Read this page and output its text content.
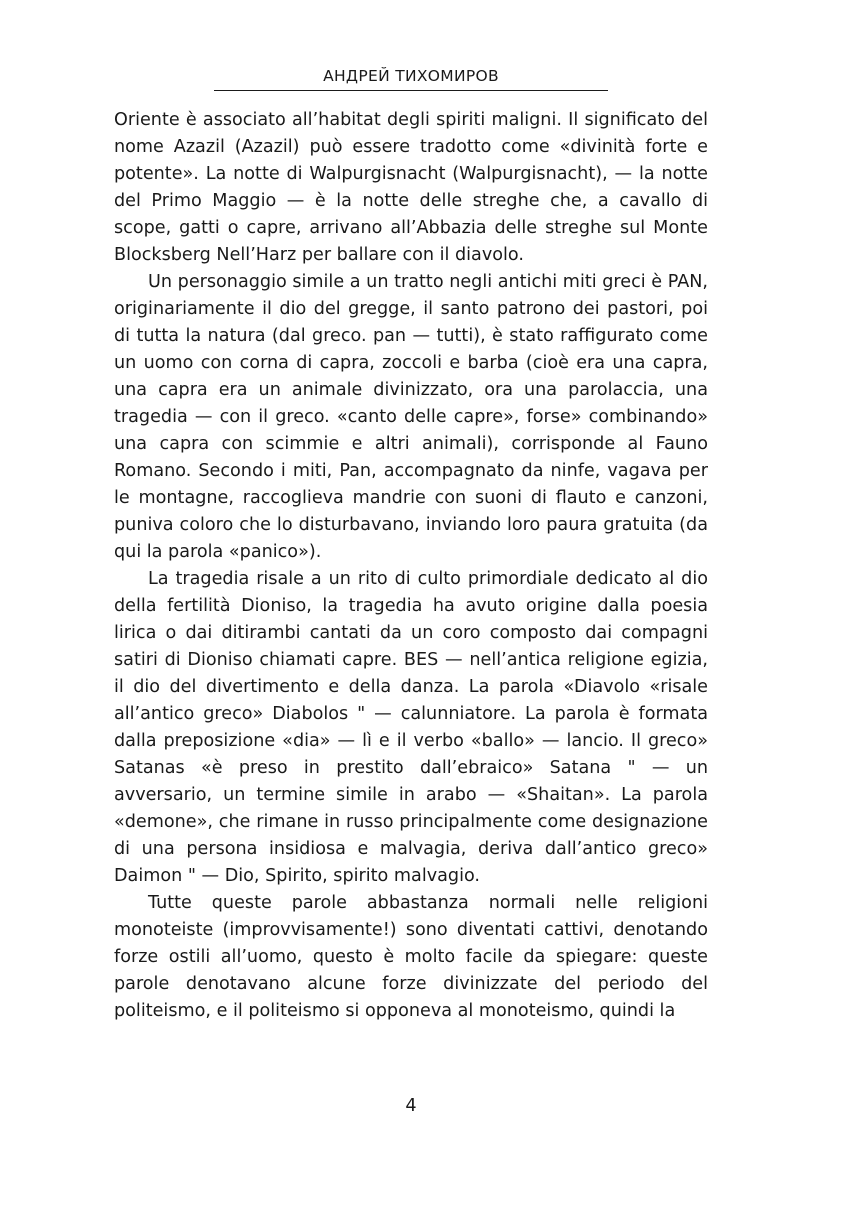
АНДРЕЙ ТИХОМИРОВ

Oriente è associato all’habitat degli spiriti maligni. Il significato del nome Azazil (Azazil) può essere tradotto come «divinità forte e potente». La notte di Walpurgisnacht (Walpurgisnacht), — la notte del Primo Maggio — è la notte delle streghe che, a cavallo di scope, gatti o capre, arrivano all’Abbazia delle streghe sul Monte Blocksberg Nell’Harz per ballare con il diavolo.

Un personaggio simile a un tratto negli antichi miti greci è PAN, originariamente il dio del gregge, il santo patrono dei pastori, poi di tutta la natura (dal greco. pan — tutti), è stato raffigurato come un uomo con corna di capra, zoccoli e barba (cioè era una capra, una capra era un animale divinizzato, ora una parolaccia, una tragedia — con il greco. «canto delle capre», forse» combinando» una capra con scimmie e altri animali), corrisponde al Fauno Romano. Secondo i miti, Pan, accompagnato da ninfe, vagava per le montagne, raccoglieva mandrie con suoni di flauto e canzoni, puniva coloro che lo disturbavano, inviando loro paura gratuita (da qui la parola «panico»).

La tragedia risale a un rito di culto primordiale dedicato al dio della fertilità Dioniso, la tragedia ha avuto origine dalla poesia lirica o dai ditirambi cantati da un coro composto dai compagni satiri di Dioniso chiamati capre. BES — nell’antica religione egizia, il dio del divertimento e della danza. La parola «Diavolo «risale all’antico greco» Diabolos " — calunniatore. La parola è formata dalla preposizione «dia» — lì e il verbo «ballo» — lancio. Il greco» Satanas «è preso in prestito dall’ebraico» Satana " — un avversario, un termine simile in arabo — «Shaitan». La parola «demone», che rimane in russo principalmente come designazione di una persona insidiosa e malvagia, deriva dall’antico greco» Daimon " — Dio, Spirito, spirito malvagio.

Tutte queste parole abbastanza normali nelle religioni monoteiste (improvvisamente!) sono diventati cattivi, denotando forze ostili all’uomo, questo è molto facile da spiegare: queste parole denotavano alcune forze divinizzate del periodo del politeismo, e il politeismo si opponeva al monoteismo, quindi la

4
